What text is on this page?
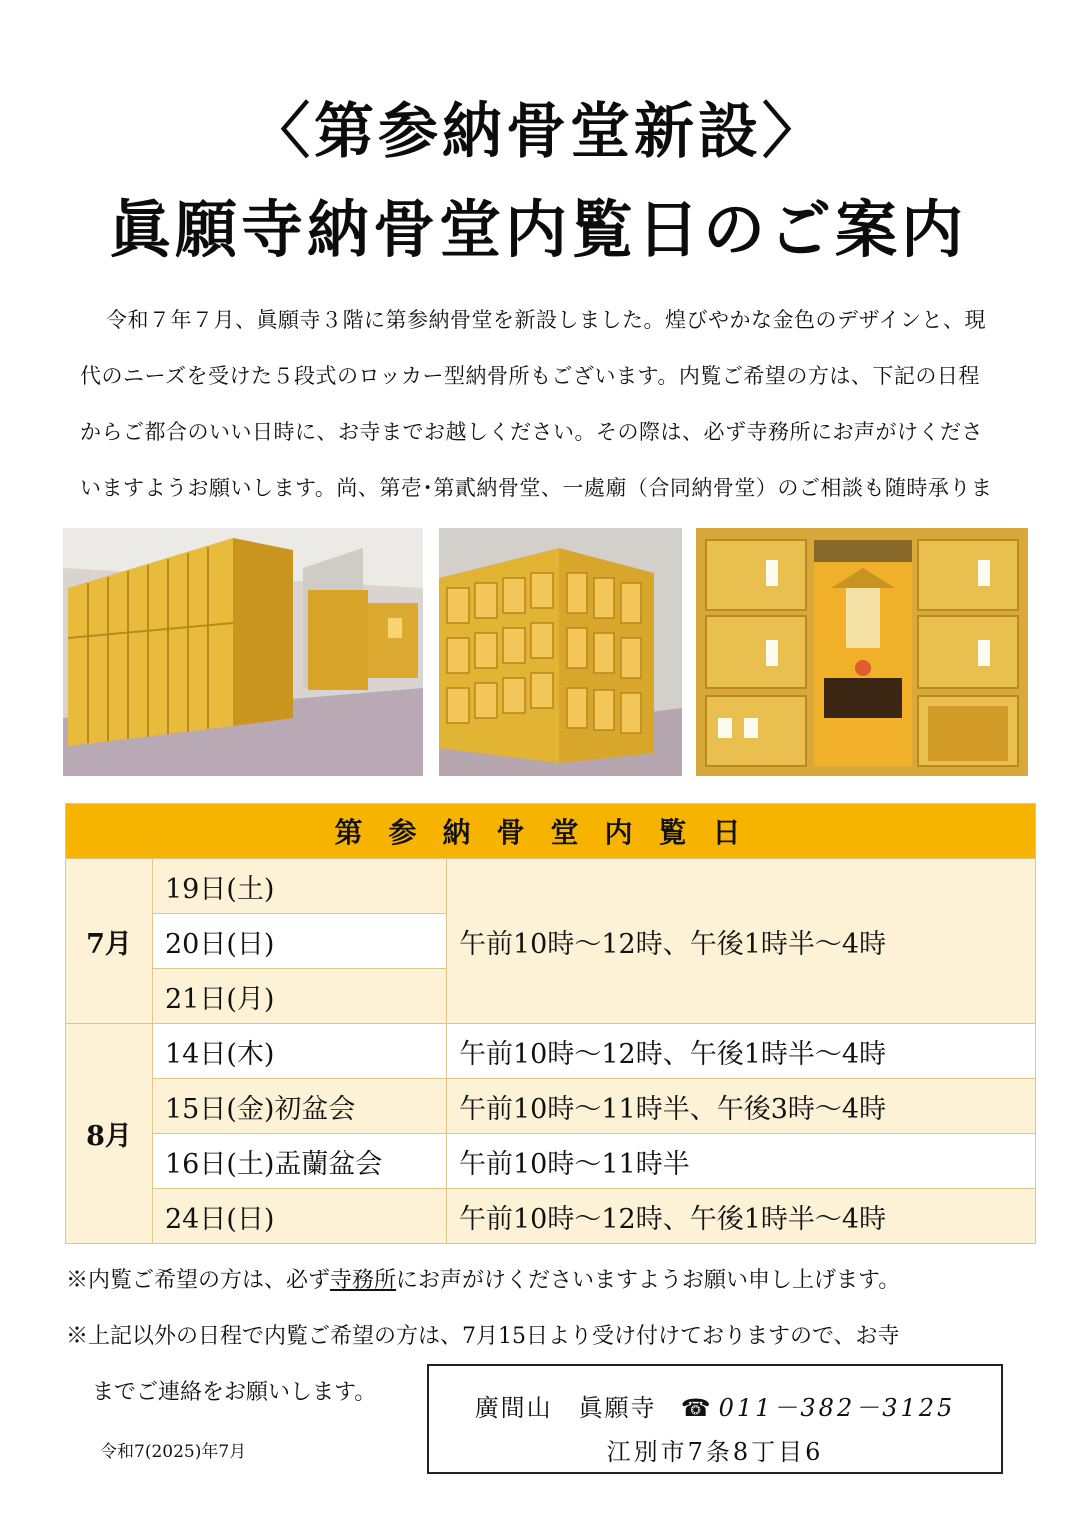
〈第参納骨堂新設〉
眞願寺納骨堂内覧日のご案内

令和７年７月、眞願寺３階に第参納骨堂を新設しました。煌びやかな金色のデザインと、現代のニーズを受けた５段式のロッカー型納骨所もございます。内覧ご希望の方は、下記の日程からご都合のいい日時に、お寺までお越しください。その際は、必ず寺務所にお声がけくださいますようお願いします。尚、第壱･第貳納骨堂、一處廟（合同納骨堂）のご相談も随時承りま

第参納骨堂内覧日		
7月	19日(土)	午前10時～12時、午後1時半～4時
	20日(日)	
	21日(月)	
8月	14日(木)	午前10時～12時、午後1時半～4時
	15日(金)初盆会	午前10時～11時半、午後3時～4時
	16日(土)盂蘭盆会	午前10時～11時半
	24日(日)	午前10時～12時、午後1時半～4時
※内覧ご希望の方は、必ず寺務所にお声がけくださいますようお願い申し上げます。
※上記以外の日程で内覧ご希望の方は、7月15日より受け付けておりますので、お寺
までご連絡をお願いします。
令和7(2025)年7月
廣間山　眞願寺 ☎ 011－382－3125
江別市7条8丁目6
